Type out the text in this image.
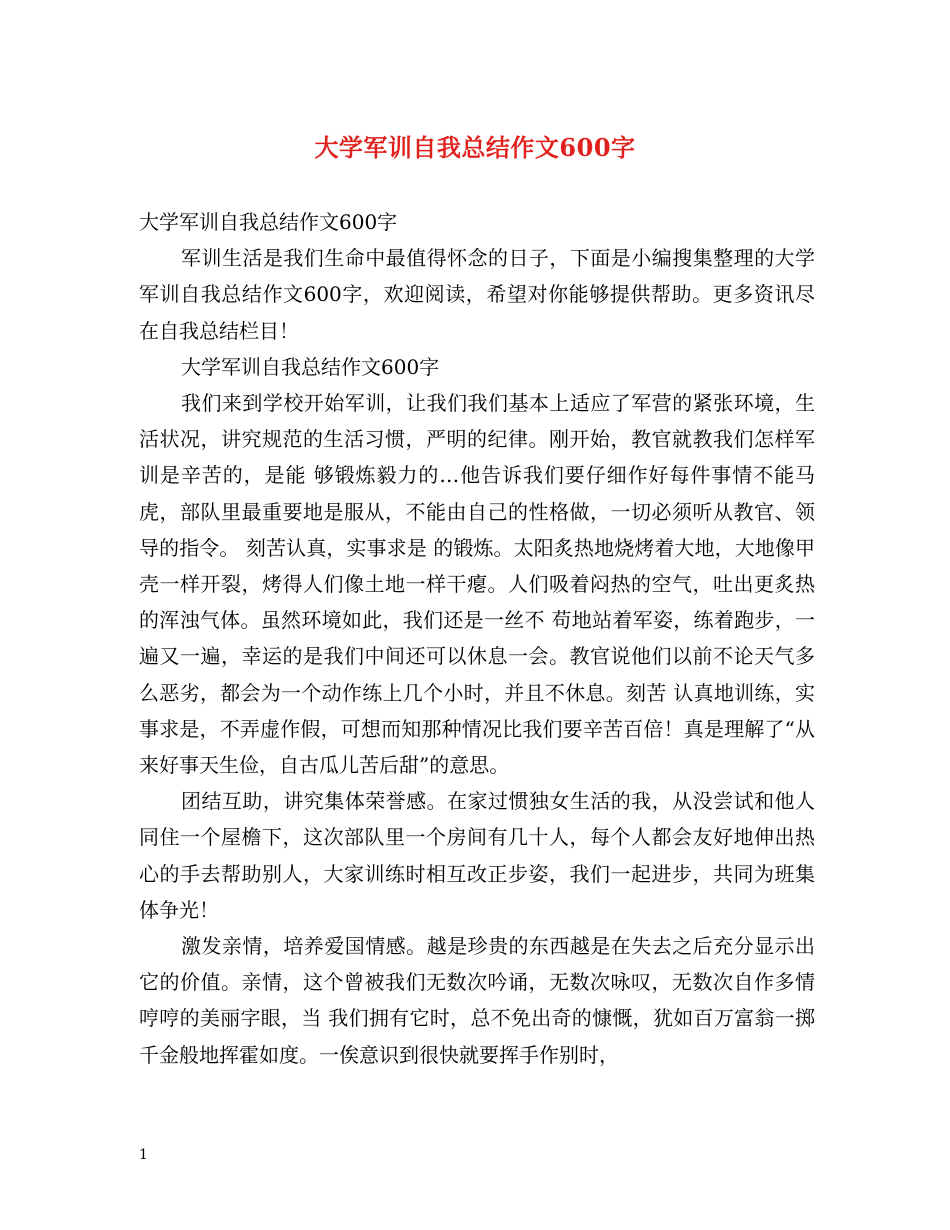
大学军训自我总结作文600字

大学军训自我总结作文600字

军训生活是我们生命中最值得怀念的日子，下面是小编搜集整理的大学军训自我总结作文600字，欢迎阅读，希望对你能够提供帮助。更多资讯尽在自我总结栏目！

大学军训自我总结作文600字

我们来到学校开始军训，让我们我们基本上适应了军营的紧张环境，生活状况，讲究规范的生活习惯，严明的纪律。刚开始，教官就教我们怎样军训是辛苦的，是能 够锻炼毅力的…他告诉我们要仔细作好每件事情不能马虎，部队里最重要地是服从，不能由自己的性格做，一切必须听从教官、领导的指令。 刻苦认真，实事求是 的锻炼。太阳炙热地烧烤着大地，大地像甲壳一样开裂，烤得人们像土地一样干瘪。人们吸着闷热的空气，吐出更炙热的浑浊气体。虽然环境如此，我们还是一丝不 苟地站着军姿，练着跑步，一遍又一遍，幸运的是我们中间还可以休息一会。教官说他们以前不论天气多么恶劣，都会为一个动作练上几个小时，并且不休息。刻苦 认真地训练，实事求是，不弄虚作假，可想而知那种情况比我们要辛苦百倍！真是理解了“从来好事天生俭，自古瓜儿苦后甜”的意思。

团结互助，讲究集体荣誉感。在家过惯独女生活的我，从没尝试和他人同住一个屋檐下，这次部队里一个房间有几十人，每个人都会友好地伸出热心的手去帮助别人，大家训练时相互改正步姿，我们一起进步，共同为班集体争光！

激发亲情，培养爱国情感。越是珍贵的东西越是在失去之后充分显示出它的价值。亲情，这个曾被我们无数次吟诵，无数次咏叹，无数次自作多情哼哼的美丽字眼，当 我们拥有它时，总不免出奇的慷慨，犹如百万富翁一掷千金般地挥霍如度。一俟意识到很快就要挥手作别时，

1
